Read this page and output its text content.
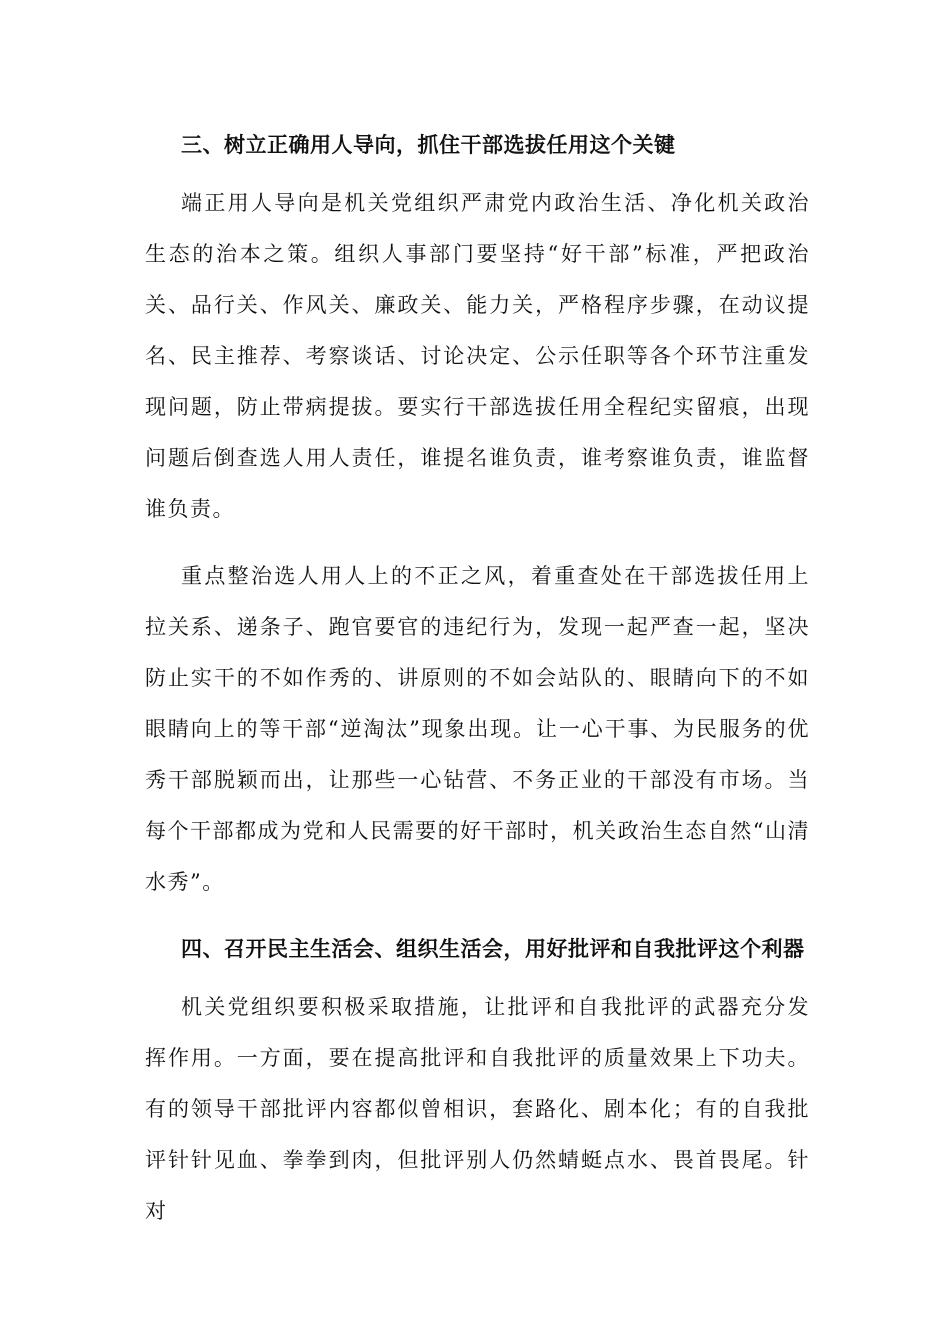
三、树立正确用人导向，抓住干部选拔任用这个关键

端正用人导向是机关党组织严肃党内政治生活、净化机关政治生态的治本之策。组织人事部门要坚持“好干部”标准，严把政治关、品行关、作风关、廉政关、能力关，严格程序步骤，在动议提名、民主推荐、考察谈话、讨论决定、公示任职等各个环节注重发现问题，防止带病提拔。要实行干部选拔任用全程纪实留痕，出现问题后倒查选人用人责任，谁提名谁负责，谁考察谁负责，谁监督谁负责。

重点整治选人用人上的不正之风，着重查处在干部选拔任用上拉关系、递条子、跑官要官的违纪行为，发现一起严查一起，坚决防止实干的不如作秀的、讲原则的不如会站队的、眼睛向下的不如眼睛向上的等干部“逆淘汰”现象出现。让一心干事、为民服务的优秀干部脱颖而出，让那些一心钻营、不务正业的干部没有市场。当每个干部都成为党和人民需要的好干部时，机关政治生态自然“山清水秀”。

四、召开民主生活会、组织生活会，用好批评和自我批评这个利器

机关党组织要积极采取措施，让批评和自我批评的武器充分发挥作用。一方面，要在提高批评和自我批评的质量效果上下功夫。有的领导干部批评内容都似曾相识，套路化、剧本化；有的自我批评针针见血、拳拳到肉，但批评别人仍然蜻蜓点水、畏首畏尾。针对
